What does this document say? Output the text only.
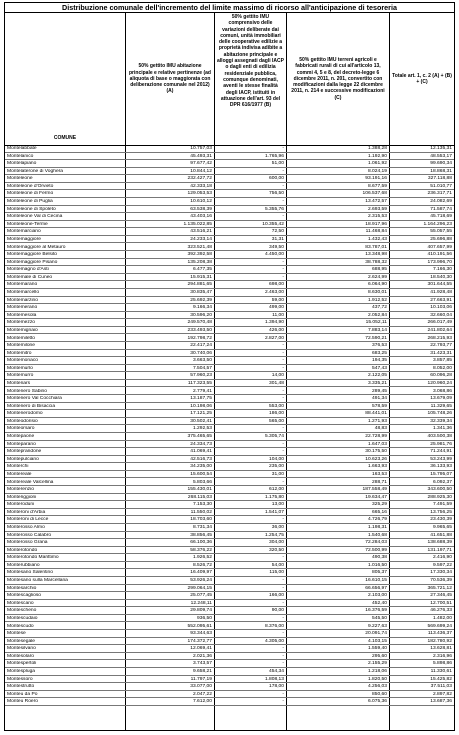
Distribuzione comunale dell'incremento del limite massimo di ricorso all'anticipazione di tesoreria
COMUNE
50% gettito IMU abitazione principale e relative pertinenze (ad aliquota di base o maggiorata con deliberazione comunale nel 2012) (A)
50% gettito IMU comprensivo delle variazioni deliberate dai comuni, unità immobiliari delle cooperative edilizie a proprietà indivisa adibite a abitazione principale e alloggi assegnati dagli IACP o dagli enti di edilizia residenziale pubblica, comunque denominati, aventi le stesse finalità degli IACP, istituiti in attuazione dell'art. 93 del DPR 616/1977 (B)
50% gettito IMU terreni agricoli e fabbricati rurali di cui all'articolo 13, commi 4, 5 e 8, del decreto-legge 6 dicembre 2011, n. 201, convertito con modificazioni dalla legge 22 dicembre 2011, n. 214 e successive modificazioni (C)
Totale art. 1, c. 2 (A) + (B) + (C)
Montelabbate	10.757,03	-	1.388,28	12.135,31
Montelanico	45.493,31	1.765,96	1.192,90	48.553,17
Montelapiano	97.677,42	51,00	1.061,92	99.690,34
Montelaterone di Voghera	10.844,12	-	8.024,19	18.868,31
Monteleone	232.427,72	600,00	93.191,16	327.118,88
Monteleone d'Orvieto	42.333,18	-	8.677,59	51.010,77
Monteleone di Fermo	129.053,53	756,50	106.537,68	236.317,71
Monteleone di Puglia	10.610,12	-	13.472,57	24.082,69
Monteleone di Spoleto	63.538,39	5.355,76	2.693,59	71.587,74
Monteleone Val di Cecina	43.403,16	-	2.315,53	45.718,69
Monteleone-Terme	1.135.022,85	10.355,42	18.917,96	1.164.296,23
Montemarciano	43.516,21	72,50	11.468,84	55.057,55
Montemaggiore	24.233,14	31,31	1.432,43	25.696,88
Montemaggiore al Metauro	323.521,48	349,50	83.787,01	407.657,99
Montemaggiore Belsito	392.392,58	4.450,00	13.348,98	410.191,56
Montemaggiore Pisano	135.208,38	-	38.788,32	173.996,70
Montemagno d'Asti	6.477,35	-	688,95	7.166,30
Montemale di Cuneo	15.915,31	-	2.624,99	18.540,30
Montemarano	294.881,65	698,00	6.064,90	301.644,55
Montemarcello	30.835,47	2.463,00	8.630,01	41.928,48
Montemarzino	25.692,39	59,00	1.912,52	27.663,91
Montemerano	9.166,34	499,00	437,72	10.103,06
Montemesola	30.596,20	11,00	2.052,84	32.660,04
Montemezzo	249.570,48	1.394,90	15.052,11	266.017,49
Montemignaio	233.493,50	426,00	7.883,14	241.802,64
Montemiletto	192.798,72	2.827,00	72.590,21	268.215,93
Montemilone	22.417,24	-	376,53	22.793,77
Montemitro	30.740,06	-	683,25	31.423,31
Montemonaco	3.663,50	-	194,35	3.857,85
Montemurlo	7.504,57	-	547,43	8.052,00
Montemurro	57.960,23	14,00	2.122,05	60.096,28
Montenars	117.323,55	301,48	3.335,21	120.960,24
Montenero Sabino	2.779,41	-	289,45	3.068,86
Montenero Val Cocchiara	13.187,75	-	491,34	13.679,09
Montenero di Bisaccia	10.198,06	553,00	578,59	11.329,65
Montenerodomo	17.121,25	186,00	88.441,01	105.748,26
Monteodorisio	30.502,41	565,00	1.271,93	32.339,34
Monteorsaro	1.292,53	-	48,83	1.341,36
Montepaone	375.465,65	5.305,74	22.728,99	403.500,38
Monteparano	24.334,73	-	1.647,03	25.981,76
Monteprandone	41.069,41	-	30.175,50	71.244,91
Montepulciano	42.516,73	104,00	10.623,26	53.243,99
Monterchi	34.235,00	235,00	1.663,93	36.133,93
Montereale	15.600,54	31,00	163,53	15.795,07
Montereale Valcellina	5.803,66	-	288,71	6.092,37
Monterenzio	155.430,01	612,00	187.558,49	343.600,50
Monteriggioni	268.115,03	1.175,80	19.634,47	288.925,30
Monteroduni	7.153,30	13,00	325,29	7.491,59
Monteroni d'Arbia	11.550,02	1.541,07	665,16	13.756,25
Monteroni di Lecce	18.703,60	-	4.726,79	23.430,39
Monterosso Almo	8.731,34	36,00	1.198,31	9.965,65
Monterosso Calabro	38.856,45	1.254,75	1.540,68	41.651,88
Monterosso Grana	66.100,36	304,00	72.284,03	138.688,39
Monterotondo	58.376,22	320,50	72.500,99	131.197,71
Monterotondo Marittimo	1.926,52	-	490,38	2.416,90
Monterubbiano	8.526,72	54,00	1.016,50	9.597,22
Montesano Salentino	16.409,97	115,00	805,37	17.330,34
Montesano sulla Marcellana	53.926,24	-	16.610,15	70.536,39
Montesarchio	299.064,15	-	66.656,97	365.721,12
Montescaglioso	25.077,45	166,00	2.103,00	27.346,45
Montescano	12.248,11	-	452,40	12.700,51
Montescheno	29.809,74	90,00	16.376,59	46.276,33
Montescudaio	936,50	-	545,50	1.482,00
Montescudo	552.095,61	8.376,00	9.227,63	569.699,24
Montese	93.344,63	-	20.091,74	113.436,37
Montesegale	174.372,77	4.305,00	4.103,15	182.780,92
Montesilvano	12.069,41	-	1.559,40	13.628,81
Montesolaro	2.021,36	-	295,60	2.316,96
Montespertoli	3.743,57	-	2.155,29	5.898,86
Montespluga	9.658,21	454,34	1.218,06	11.330,61
Montessoro	11.797,19	1.808,13	1.820,50	15.425,82
Montestrutto	33.077,00	178,00	4.256,03	37.511,03
Monteu da Po	2.047,22	-	850,60	2.897,82
Monteu Roero	7.612,00	-	6.075,36	13.687,36
